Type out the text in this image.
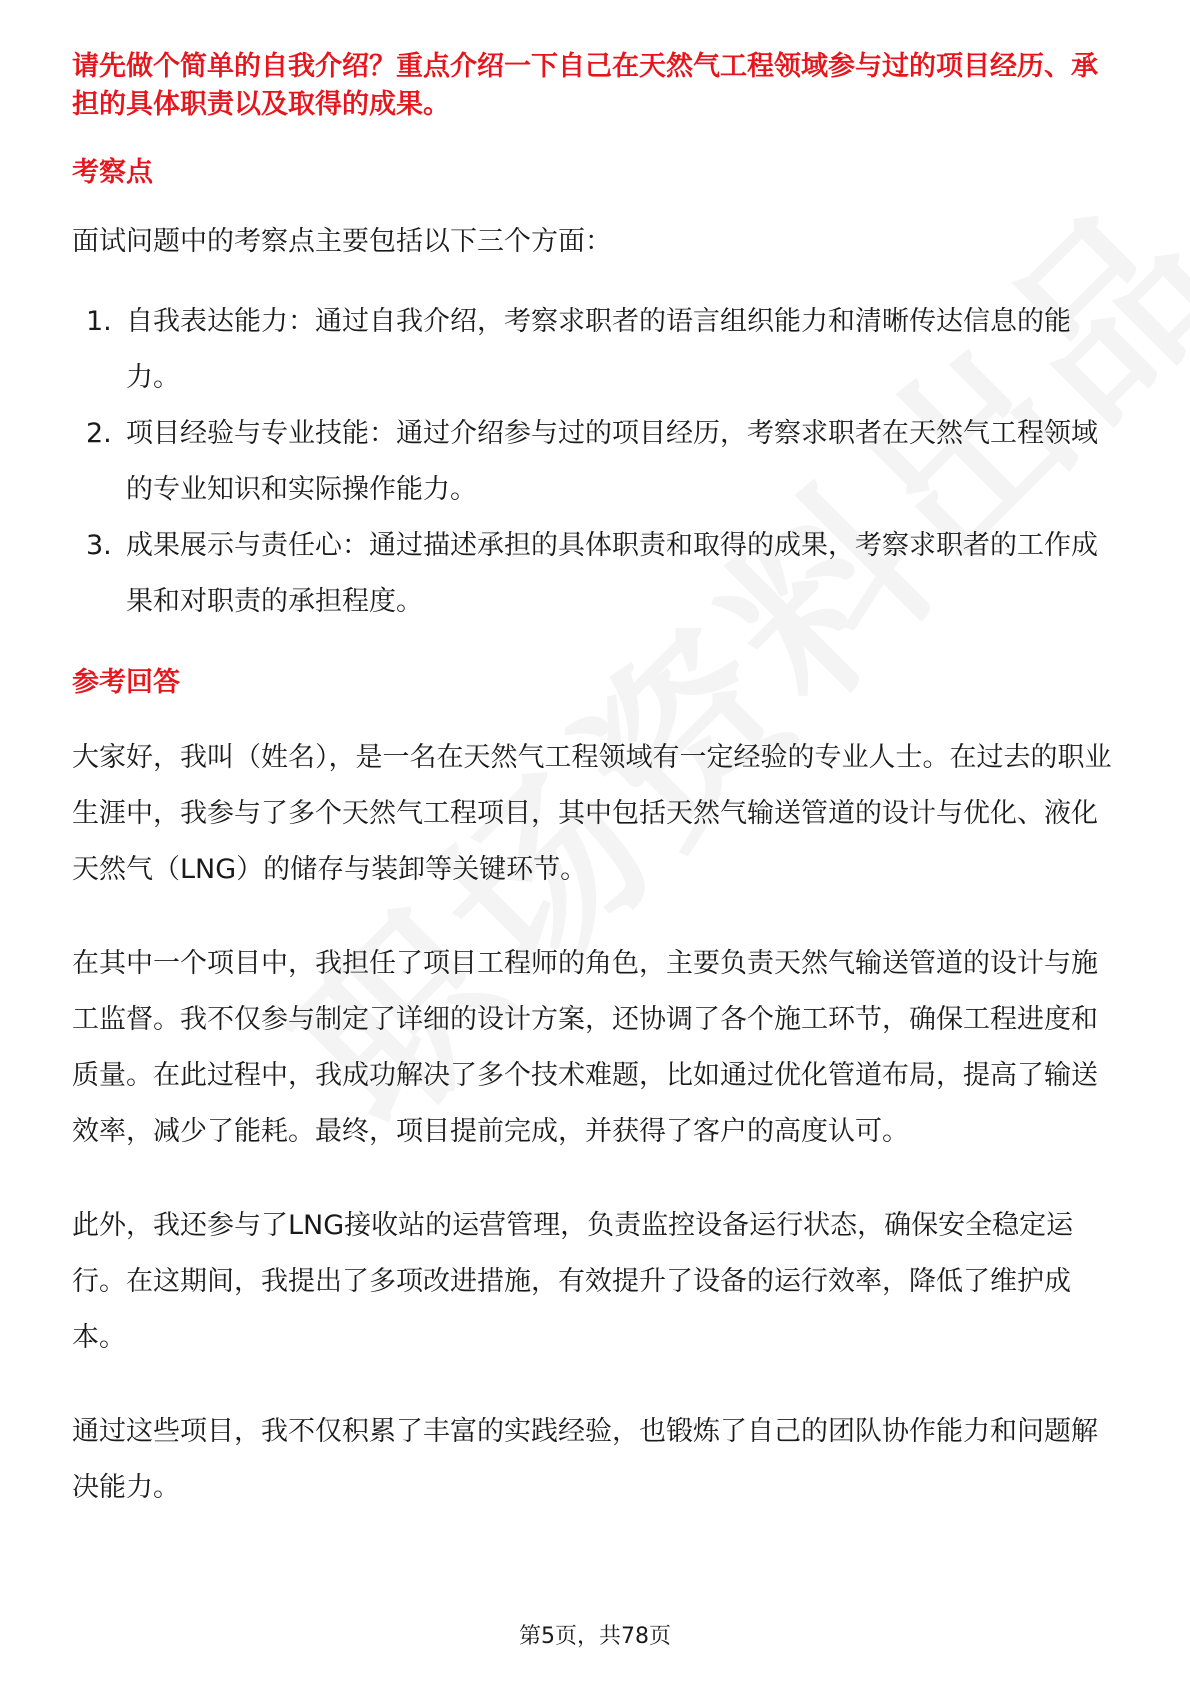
请先做个简单的自我介绍？重点介绍一下自己在天然气工程领域参与过的项目经历、承担的具体职责以及取得的成果。

考察点

面试问题中的考察点主要包括以下三个方面：

1. 自我表达能力：通过自我介绍，考察求职者的语言组织能力和清晰传达信息的能力。
2. 项目经验与专业技能：通过介绍参与过的项目经历，考察求职者在天然气工程领域的专业知识和实际操作能力。
3. 成果展示与责任心：通过描述承担的具体职责和取得的成果，考察求职者的工作成果和对职责的承担程度。
参考回答

大家好，我叫（姓名），是一名在天然气工程领域有一定经验的专业人士。在过去的职业生涯中，我参与了多个天然气工程项目，其中包括天然气输送管道的设计与优化、液化天然气（LNG）的储存与装卸等关键环节。

在其中一个项目中，我担任了项目工程师的角色，主要负责天然气输送管道的设计与施工监督。我不仅参与制定了详细的设计方案，还协调了各个施工环节，确保工程进度和质量。在此过程中，我成功解决了多个技术难题，比如通过优化管道布局，提高了输送效率，减少了能耗。最终，项目提前完成，并获得了客户的高度认可。

此外，我还参与了LNG接收站的运营管理，负责监控设备运行状态，确保安全稳定运行。在这期间，我提出了多项改进措施，有效提升了设备的运行效率，降低了维护成本。

通过这些项目，我不仅积累了丰富的实践经验，也锻炼了自己的团队协作能力和问题解决能力。

第5页，共78页
